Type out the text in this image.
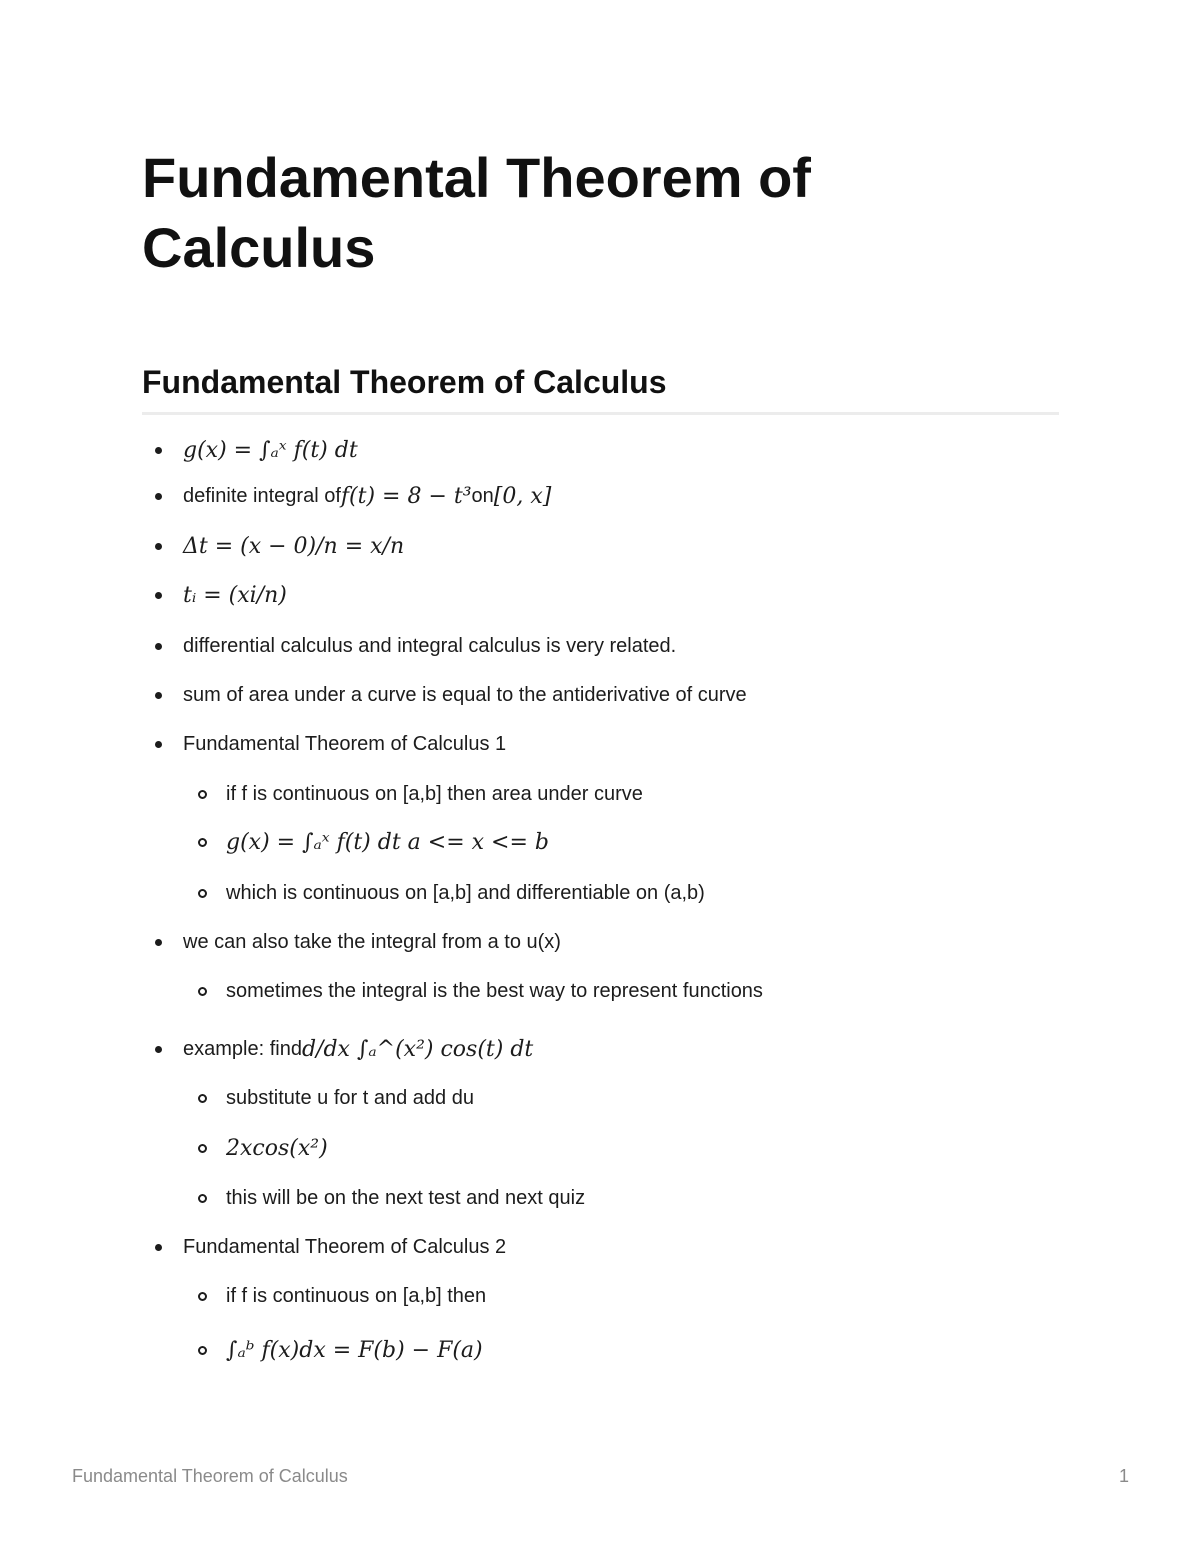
Fundamental Theorem of Calculus
Fundamental Theorem of Calculus
g(x) = ∫ₐˣ f(t) dt
definite integral of f(t) = 8 − t³ on [0, x]
Δt = (x − 0)/n = x/n
tᵢ = (xi/n)
differential calculus and integral calculus is very related.
sum of area under a curve is equal to the antiderivative of curve
Fundamental Theorem of Calculus 1
if f is continuous on [a,b] then area under curve
g(x) = ∫ₐˣ f(t) dt a <= x <= b
which is continuous on [a,b] and differentiable on (a,b)
we can also take the integral from a to u(x)
sometimes the integral is the best way to represent functions
example: find d/dx ∫ₐ^(x²) cos(t) dt
substitute u for t and add du
2xcos(x²)
this will be on the next test and next quiz
Fundamental Theorem of Calculus 2
if f is continuous on [a,b] then
∫ₐᵇ f(x)dx = F(b) − F(a)
Fundamental Theorem of Calculus	1
